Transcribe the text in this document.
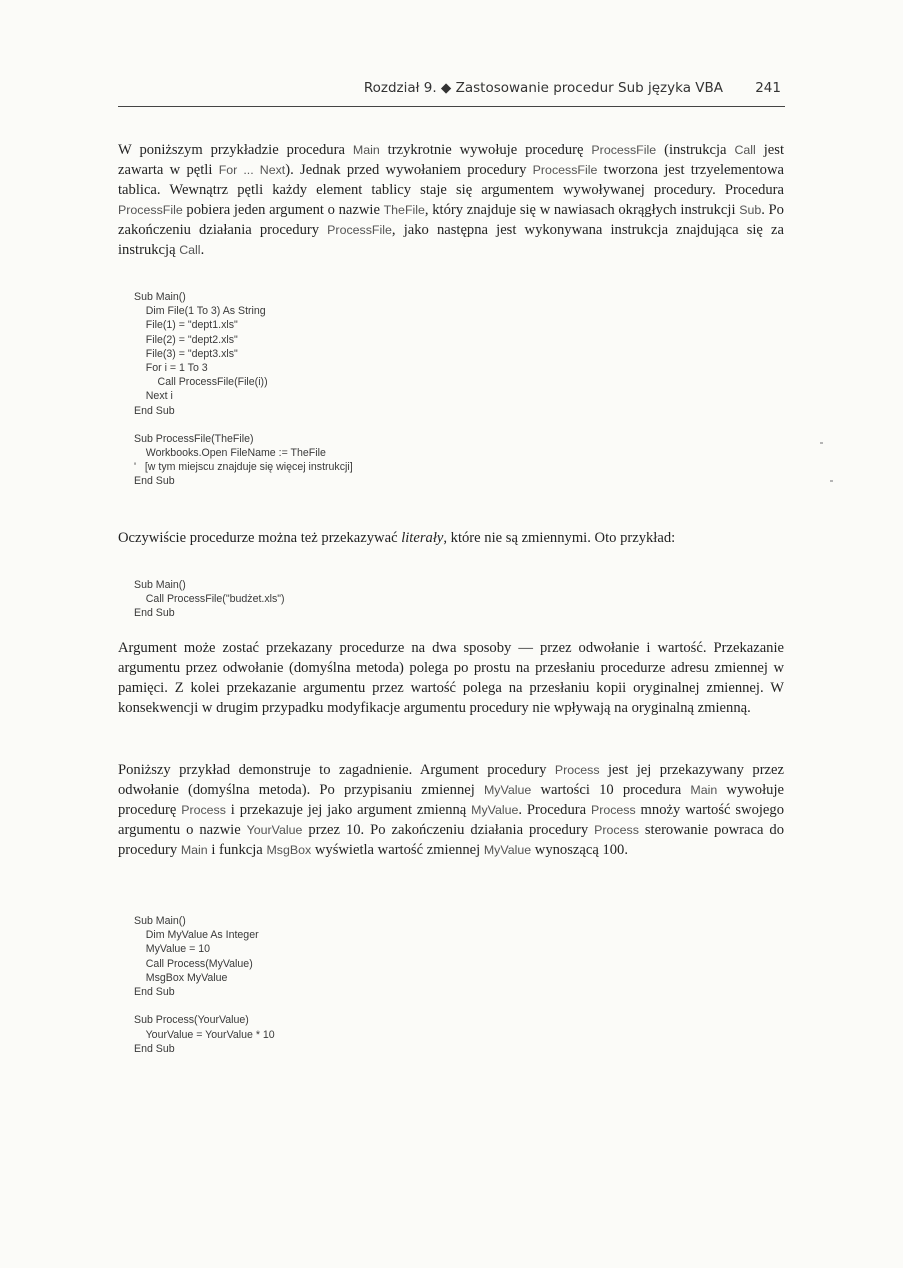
Rozdział 9. ◆ Zastosowanie procedur Sub języka VBA 241

W poniższym przykładzie procedura Main trzykrotnie wywołuje procedurę ProcessFile (instrukcja Call jest zawarta w pętli For ... Next). Jednak przed wywołaniem procedury ProcessFile tworzona jest trzyelementowa tablica. Wewnątrz pętli każdy element tablicy staje się argumentem wywoływanej procedury. Procedura ProcessFile pobiera jeden argument o nazwie TheFile, który znajduje się w nawiasach okrągłych instrukcji Sub. Po zakończeniu działania procedury ProcessFile, jako następna jest wykonywana instrukcja znajdująca się za instrukcją Call.

Sub Main()
Dim File(1 To 3) As String
File(1) = "dept1.xls"
File(2) = "dept2.xls"
File(3) = "dept3.xls"
For i = 1 To 3
Call ProcessFile(File(i))
Next i
End Sub
Sub ProcessFile(TheFile)
Workbooks.Open FileName := TheFile
'   [w tym miejscu znajduje się więcej instrukcji]
End Sub

Oczywiście procedurze można też przekazywać literały, które nie są zmiennymi. Oto przykład:

Sub Main()
Call ProcessFile("budżet.xls")
End Sub

Argument może zostać przekazany procedurze na dwa sposoby — przez odwołanie i wartość. Przekazanie argumentu przez odwołanie (domyślna metoda) polega po prostu na przesłaniu procedurze adresu zmiennej w pamięci. Z kolei przekazanie argumentu przez wartość polega na przesłaniu kopii oryginalnej zmiennej. W konsekwencji w drugim przypadku modyfikacje argumentu procedury nie wpływają na oryginalną zmienną.

Poniższy przykład demonstruje to zagadnienie. Argument procedury Process jest jej przekazywany przez odwołanie (domyślna metoda). Po przypisaniu zmiennej MyValue wartości 10 procedura Main wywołuje procedurę Process i przekazuje jej jako argument zmienną MyValue. Procedura Process mnoży wartość swojego argumentu o nazwie YourValue przez 10. Po zakończeniu działania procedury Process sterowanie powraca do procedury Main i funkcja MsgBox wyświetla wartość zmiennej MyValue wynoszącą 100.

Sub Main()
Dim MyValue As Integer
MyValue = 10
Call Process(MyValue)
MsgBox MyValue
End Sub
Sub Process(YourValue)
YourValue = YourValue * 10
End Sub
